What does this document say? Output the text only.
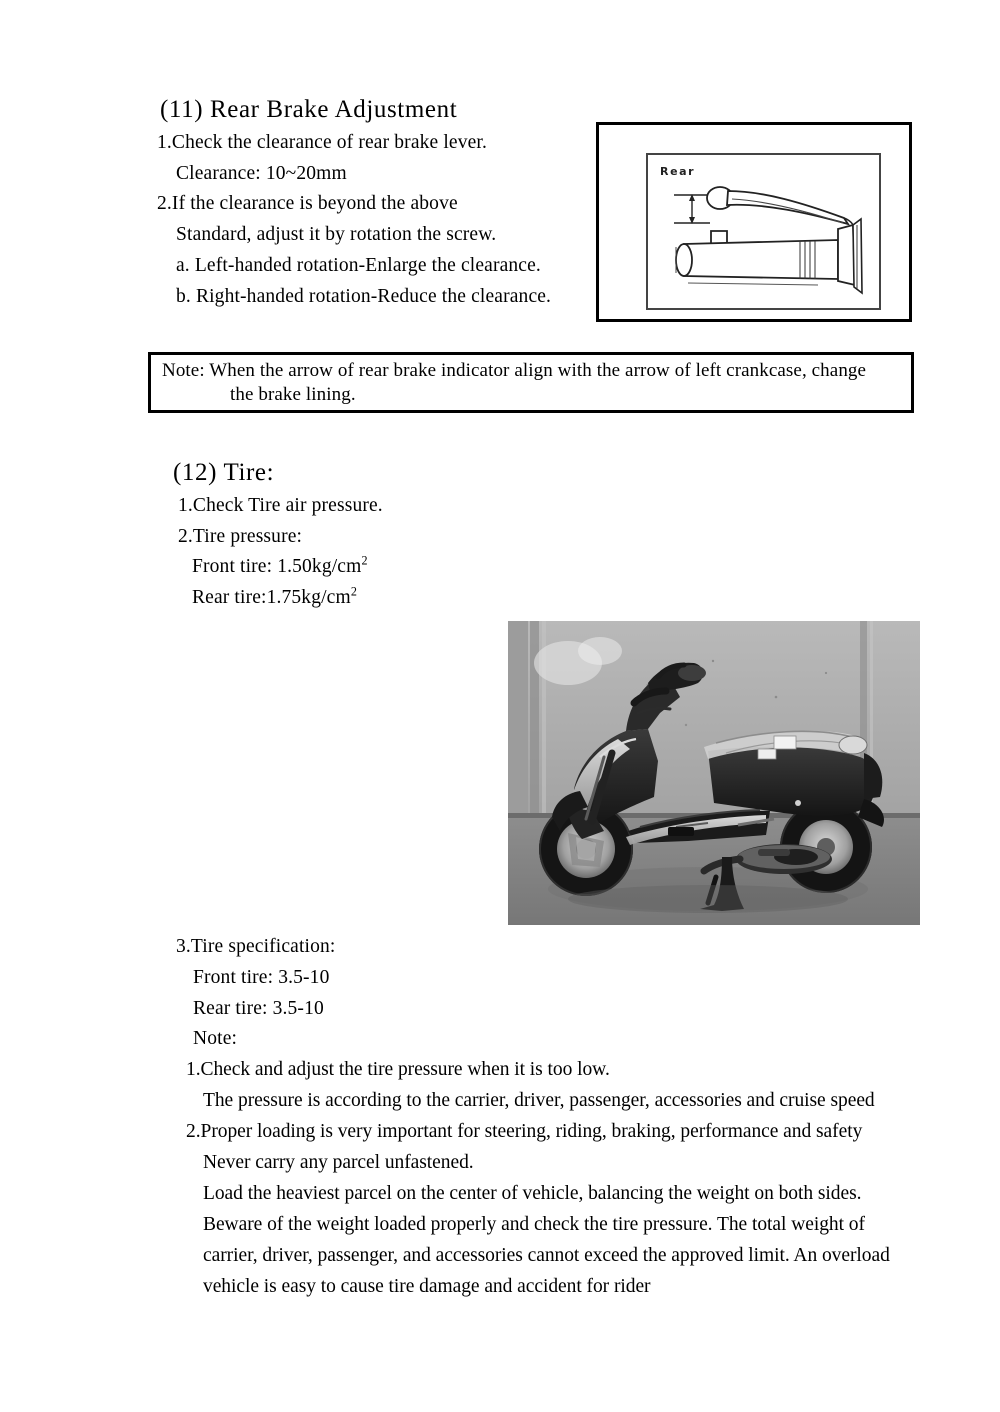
(11) Rear Brake Adjustment
1.Check the clearance of rear brake lever.
Clearance: 10~20mm
2.If the clearance is beyond the above
Standard, adjust it by rotation the screw.
a. Left-handed rotation-Enlarge the clearance.
b. Right-handed rotation-Reduce the clearance.
Rear
Note: When the arrow of rear brake indicator align with the arrow of left crankcase, change
the brake lining.
(12) Tire:
1.Check Tire air pressure.
2.Tire pressure:
Front tire: $1.50kg/cm^2$
Rear $tire:1.75kg/cm^2$
3.Tire specification:
Front tire: 3.5-10
Rear tire: 3.5-10
Note:
1.Check and adjust the tire pressure when it is too low.
The pressure is according to the carrier, driver, passenger, accessories and cruise speed
2.Proper loading is very important for steering, riding, braking, performance and safety
Never carry any parcel unfastened.
Load the heaviest parcel on the center of vehicle, balancing the weight on both sides.
Beware of the weight loaded properly and check the tire pressure. The total weight of
carrier, driver, passenger, and accessories cannot exceed the approved limit. An overload
vehicle is easy to cause tire damage and accident for rider
